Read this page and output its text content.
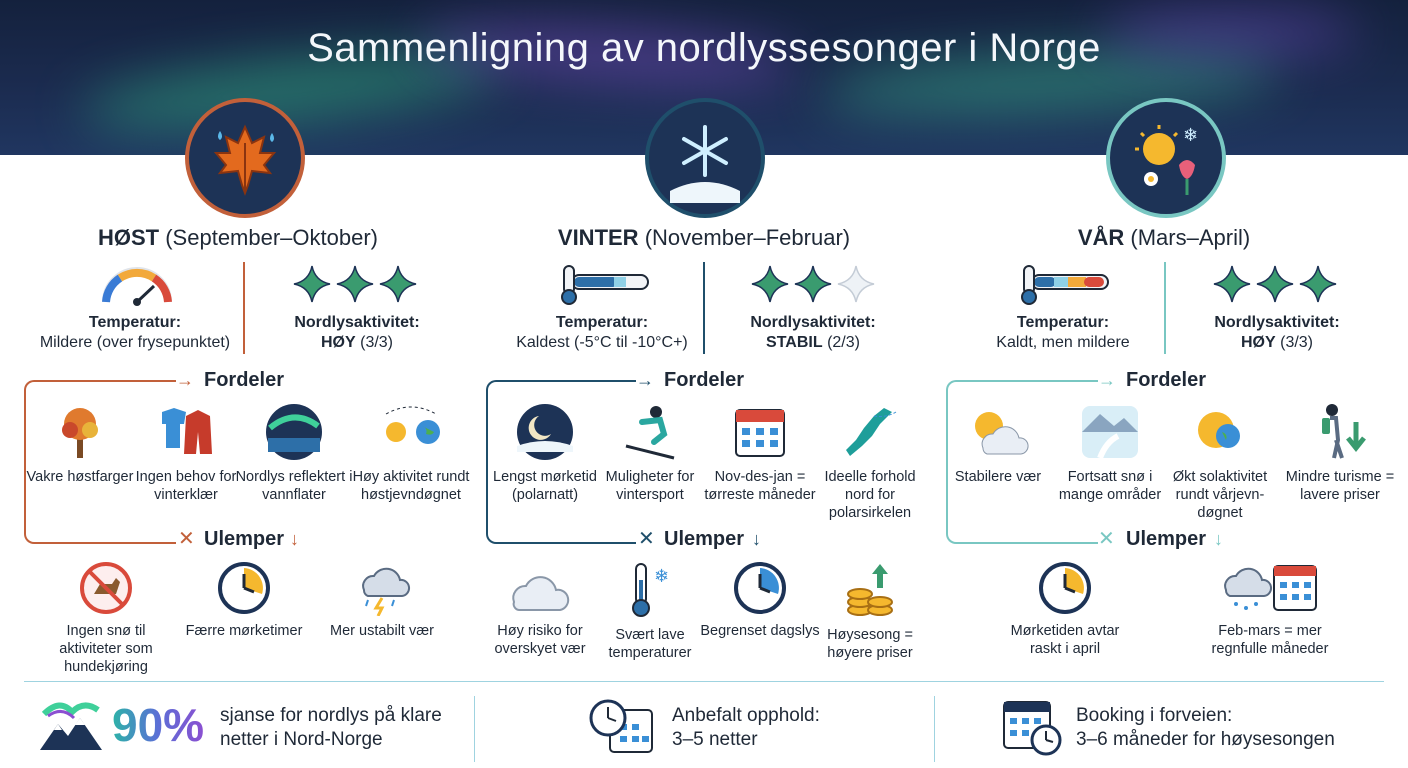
Sammenligning av nordlyssesonger i Norge
❄
HØST (September–Oktober)
Temperatur:
Mildere (over frysepunktet)
Nordlysaktivitet:
HØY (3/3)
VINTER (November–Februar)
Temperatur:
Kaldest (-5°C til -10°C+)
Nordlysaktivitet:
STABIL (2/3)
VÅR (Mars–April)
Temperatur:
Kaldt, men mildere
Nordlysaktivitet:
HØY (3/3)
→ Fordeler	→ Fordeler	→ Fordeler
✕ Ulemper ↓	✕ Ulemper ↓	✕ Ulemper ↓
Vakre høstfarger Ingen behov for vinterklær
Nordlys reflektert i vannflater
Høy aktivitet rundt høstjevndøgnet
Lengst mørketid (polarnatt)
Muligheter for vintersport
Nov-des-jan = tørreste måneder
Ideelle forhold nord for polarsirkelen
Stabilere vær	Fortsatt snø i mange områder
Økt solaktivitet rundt vårjevn-døgnet
Mindre turisme = lavere priser
Ingen snø til aktiviteter som hundekjøring
Færre mørketimer	Mer ustabilt vær	Høy risiko for overskyet vær
❄
Svært lave temperaturer
Begrenset dagslys Høysesong = høyere priser
Mørketiden avtar raskt i april
Feb-mars = mer regnfulle måneder
90% sjanse for nordlys på klare
netter i Nord-Norge
Anbefalt opphold:
3–5 netter
Booking i forveien:
3–6 måneder for høysesongen
